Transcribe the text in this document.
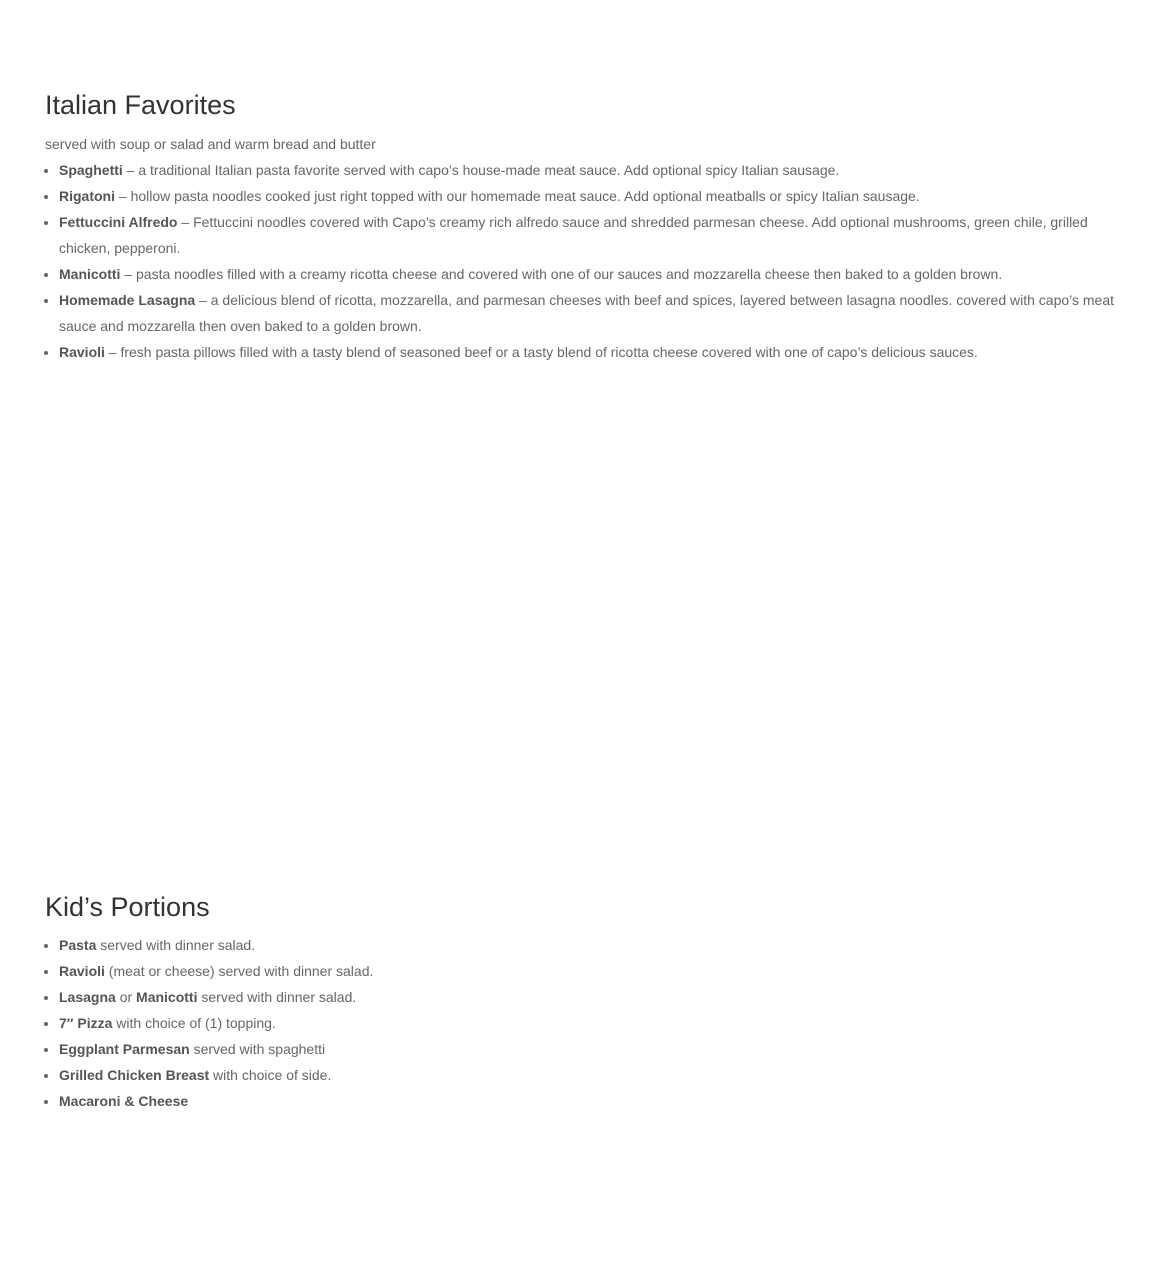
Italian Favorites
served with soup or salad and warm bread and butter
• Spaghetti – a traditional Italian pasta favorite served with capo’s house-made meat sauce. Add optional spicy Italian sausage.
• Rigatoni – hollow pasta noodles cooked just right topped with our homemade meat sauce. Add optional meatballs or spicy Italian sausage.
• Fettuccini Alfredo – Fettuccini noodles covered with Capo’s creamy rich alfredo sauce and shredded parmesan cheese. Add optional mushrooms, green chile, grilled chicken, pepperoni.
• Manicotti – pasta noodles filled with a creamy ricotta cheese and covered with one of our sauces and mozzarella cheese then baked to a golden brown.
• Homemade Lasagna – a delicious blend of ricotta, mozzarella, and parmesan cheeses with beef and spices, layered between lasagna noodles. covered with capo’s meat sauce and mozzarella then oven baked to a golden brown.
• Ravioli – fresh pasta pillows filled with a tasty blend of seasoned beef or a tasty blend of ricotta cheese covered with one of capo’s delicious sauces.
Kid’s Portions
• Pasta served with dinner salad.
• Ravioli (meat or cheese) served with dinner salad.
• Lasagna or Manicotti served with dinner salad.
• 7″ Pizza with choice of (1) topping.
• Eggplant Parmesan served with spaghetti
• Grilled Chicken Breast with choice of side.
• Macaroni & Cheese
